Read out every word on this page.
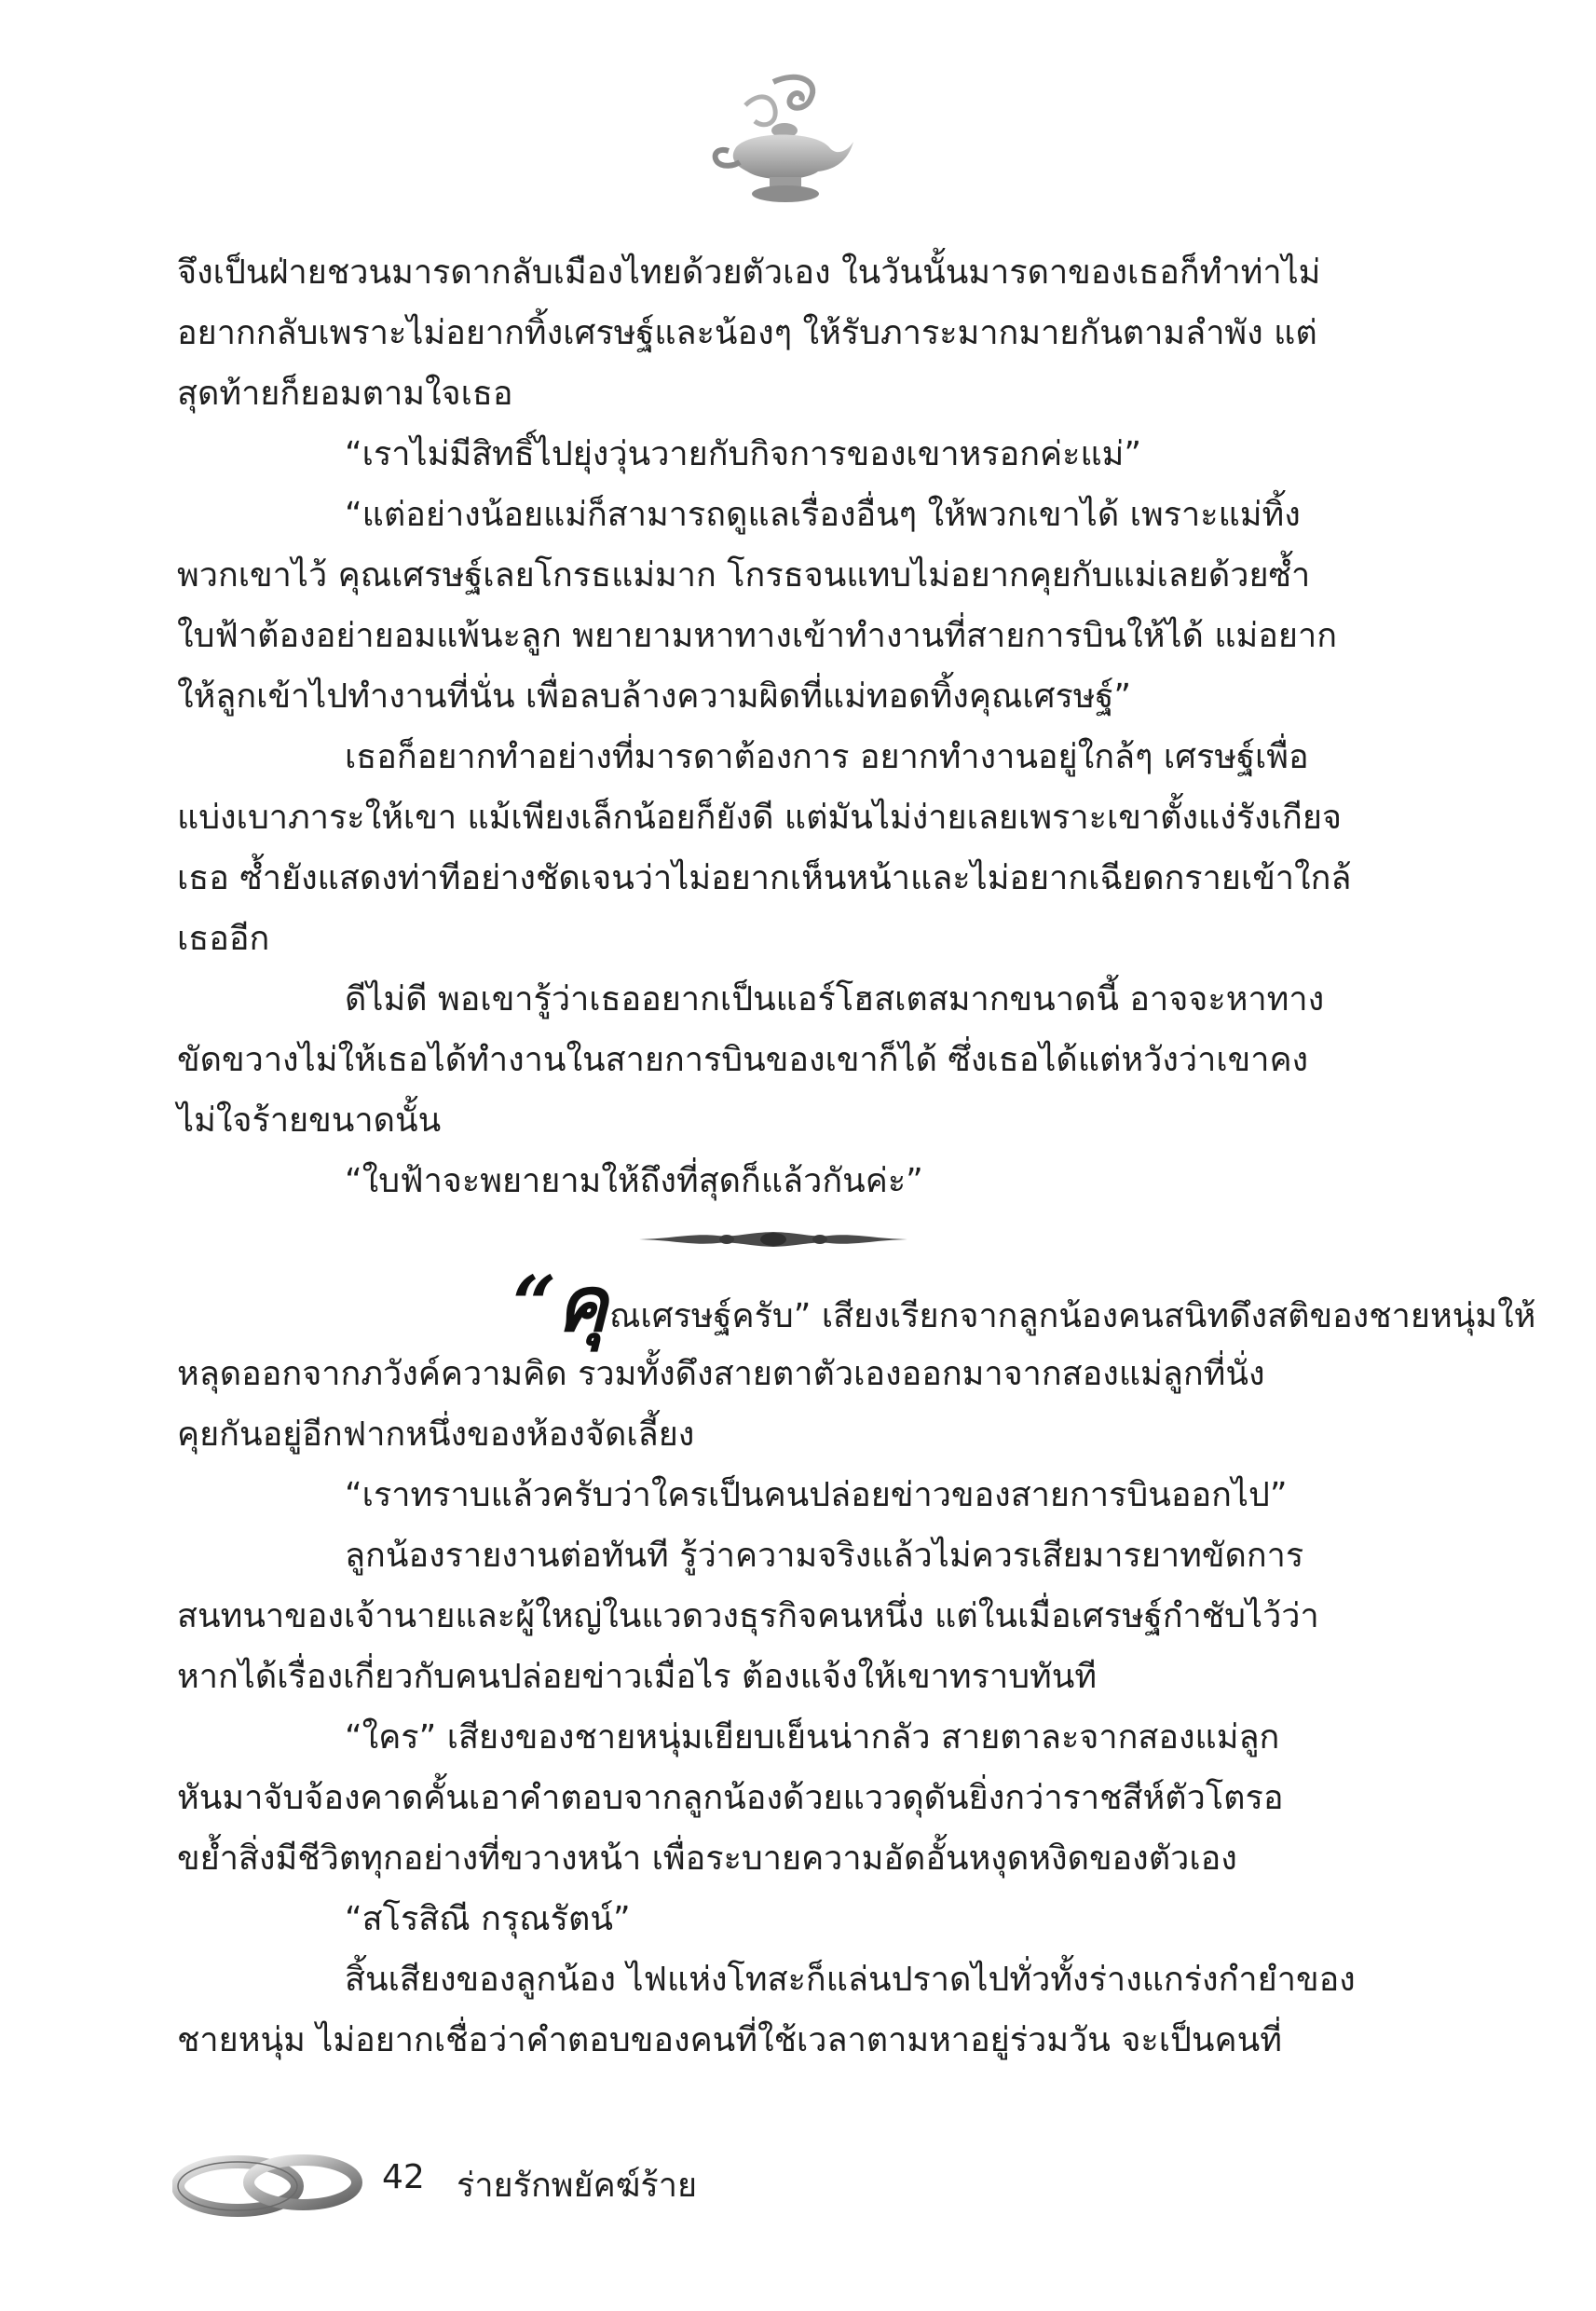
จึงเป็นฝ่ายชวนมารดากลับเมืองไทยด้วยตัวเอง ในวันนั้นมารดาของเธอก็ทำท่าไม่

อยากกลับเพราะไม่อยากทิ้งเศรษฐ์และน้องๆ ให้รับภาระมากมายกันตามลำพัง แต่

สุดท้ายก็ยอมตามใจเธอ

“เราไม่มีสิทธิ์ไปยุ่งวุ่นวายกับกิจการของเขาหรอกค่ะแม่”

“แต่อย่างน้อยแม่ก็สามารถดูแลเรื่องอื่นๆ ให้พวกเขาได้ เพราะแม่ทิ้ง

พวกเขาไว้ คุณเศรษฐ์เลยโกรธแม่มาก โกรธจนแทบไม่อยากคุยกับแม่เลยด้วยซ้ำ

ใบฟ้าต้องอย่ายอมแพ้นะลูก พยายามหาทางเข้าทำงานที่สายการบินให้ได้ แม่อยาก

ให้ลูกเข้าไปทำงานที่นั่น เพื่อลบล้างความผิดที่แม่ทอดทิ้งคุณเศรษฐ์”

เธอก็อยากทำอย่างที่มารดาต้องการ อยากทำงานอยู่ใกล้ๆ เศรษฐ์เพื่อ

แบ่งเบาภาระให้เขา แม้เพียงเล็กน้อยก็ยังดี แต่มันไม่ง่ายเลยเพราะเขาตั้งแง่รังเกียจ

เธอ ซ้ำยังแสดงท่าทีอย่างชัดเจนว่าไม่อยากเห็นหน้าและไม่อยากเฉียดกรายเข้าใกล้

เธออีก

ดีไม่ดี พอเขารู้ว่าเธออยากเป็นแอร์โฮสเตสมากขนาดนี้ อาจจะหาทาง

ขัดขวางไม่ให้เธอได้ทำงานในสายการบินของเขาก็ได้ ซึ่งเธอได้แต่หวังว่าเขาคง

ไม่ใจร้ายขนาดนั้น

“ใบฟ้าจะพยายามให้ถึงที่สุดก็แล้วกันค่ะ”

“คุณเศรษฐ์ครับ” เสียงเรียกจากลูกน้องคนสนิทดึงสติของชายหนุ่มให้

หลุดออกจากภวังค์ความคิด รวมทั้งดึงสายตาตัวเองออกมาจากสองแม่ลูกที่นั่ง

คุยกันอยู่อีกฟากหนึ่งของห้องจัดเลี้ยง

“เราทราบแล้วครับว่าใครเป็นคนปล่อยข่าวของสายการบินออกไป”

ลูกน้องรายงานต่อทันที รู้ว่าความจริงแล้วไม่ควรเสียมารยาทขัดการ

สนทนาของเจ้านายและผู้ใหญ่ในแวดวงธุรกิจคนหนึ่ง แต่ในเมื่อเศรษฐ์กำชับไว้ว่า

หากได้เรื่องเกี่ยวกับคนปล่อยข่าวเมื่อไร ต้องแจ้งให้เขาทราบทันที

“ใคร” เสียงของชายหนุ่มเยียบเย็นน่ากลัว สายตาละจากสองแม่ลูก

หันมาจับจ้องคาดคั้นเอาคำตอบจากลูกน้องด้วยแววดุดันยิ่งกว่าราชสีห์ตัวโตรอ

ขย้ำสิ่งมีชีวิตทุกอย่างที่ขวางหน้า เพื่อระบายความอัดอั้นหงุดหงิดของตัวเอง

“สโรสิณี กรุณรัตน์”

สิ้นเสียงของลูกน้อง ไฟแห่งโทสะก็แล่นปราดไปทั่วทั้งร่างแกร่งกำยำของ

ชายหนุ่ม ไม่อยากเชื่อว่าคำตอบของคนที่ใช้เวลาตามหาอยู่ร่วมวัน จะเป็นคนที่

42 ร่ายรักพยัคฆ์ร้าย
